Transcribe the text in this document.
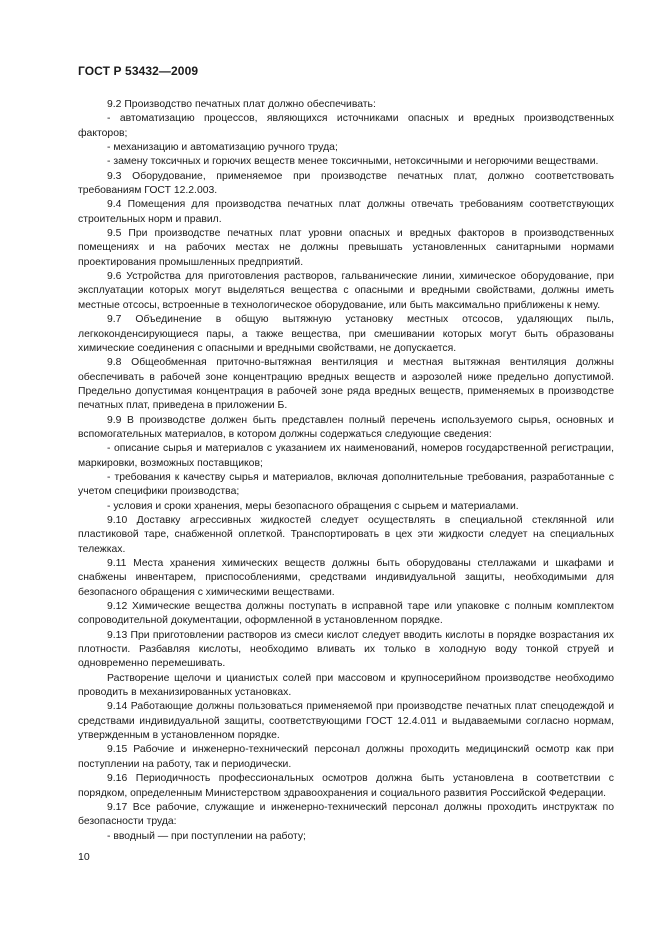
ГОСТ Р 53432—2009

9.2 Производство печатных плат должно обеспечивать:

- автоматизацию процессов, являющихся источниками опасных и вредных производственных факторов;

- механизацию и автоматизацию ручного труда;

- замену токсичных и горючих веществ менее токсичными, нетоксичными и негорючими веществами.

9.3 Оборудование, применяемое при производстве печатных плат, должно соответствовать требованиям ГОСТ 12.2.003.

9.4 Помещения для производства печатных плат должны отвечать требованиям соответствующих строительных норм и правил.

9.5 При производстве печатных плат уровни опасных и вредных факторов в производственных помещениях и на рабочих местах не должны превышать установленных санитарными нормами проектирования промышленных предприятий.

9.6 Устройства для приготовления растворов, гальванические линии, химическое оборудование, при эксплуатации которых могут выделяться вещества с опасными и вредными свойствами, должны иметь местные отсосы, встроенные в технологическое оборудование, или быть максимально приближены к нему.

9.7 Объединение в общую вытяжную установку местных отсосов, удаляющих пыль, легкоконденсирующиеся пары, а также вещества, при смешивании которых могут быть образованы химические соединения с опасными и вредными свойствами, не допускается.

9.8 Общеобменная приточно-вытяжная вентиляция и местная вытяжная вентиляция должны обеспечивать в рабочей зоне концентрацию вредных веществ и аэрозолей ниже предельно допустимой. Предельно допустимая концентрация в рабочей зоне ряда вредных веществ, применяемых в производстве печатных плат, приведена в приложении Б.

9.9 В производстве должен быть представлен полный перечень используемого сырья, основных и вспомогательных материалов, в котором должны содержаться следующие сведения:

- описание сырья и материалов с указанием их наименований, номеров государственной регистрации, маркировки, возможных поставщиков;

- требования к качеству сырья и материалов, включая дополнительные требования, разработанные с учетом специфики производства;

- условия и сроки хранения, меры безопасного обращения с сырьем и материалами.

9.10 Доставку агрессивных жидкостей следует осуществлять в специальной стеклянной или пластиковой таре, снабженной оплеткой. Транспортировать в цех эти жидкости следует на специальных тележках.

9.11 Места хранения химических веществ должны быть оборудованы стеллажами и шкафами и снабжены инвентарем, приспособлениями, средствами индивидуальной защиты, необходимыми для безопасного обращения с химическими веществами.

9.12 Химические вещества должны поступать в исправной таре или упаковке с полным комплектом сопроводительной документации, оформленной в установленном порядке.

9.13 При приготовлении растворов из смеси кислот следует вводить кислоты в порядке возрастания их плотности. Разбавляя кислоты, необходимо вливать их только в холодную воду тонкой струей и одновременно перемешивать.

Растворение щелочи и цианистых солей при массовом и крупносерийном производстве необходимо проводить в механизированных установках.

9.14 Работающие должны пользоваться применяемой при производстве печатных плат спецодеждой и средствами индивидуальной защиты, соответствующими ГОСТ 12.4.011 и выдаваемыми согласно нормам, утвержденным в установленном порядке.

9.15 Рабочие и инженерно-технический персонал должны проходить медицинский осмотр как при поступлении на работу, так и периодически.

9.16 Периодичность профессиональных осмотров должна быть установлена в соответствии с порядком, определенным Министерством здравоохранения и социального развития Российской Федерации.

9.17 Все рабочие, служащие и инженерно-технический персонал должны проходить инструктаж по безопасности труда:

- вводный — при поступлении на работу;

10
